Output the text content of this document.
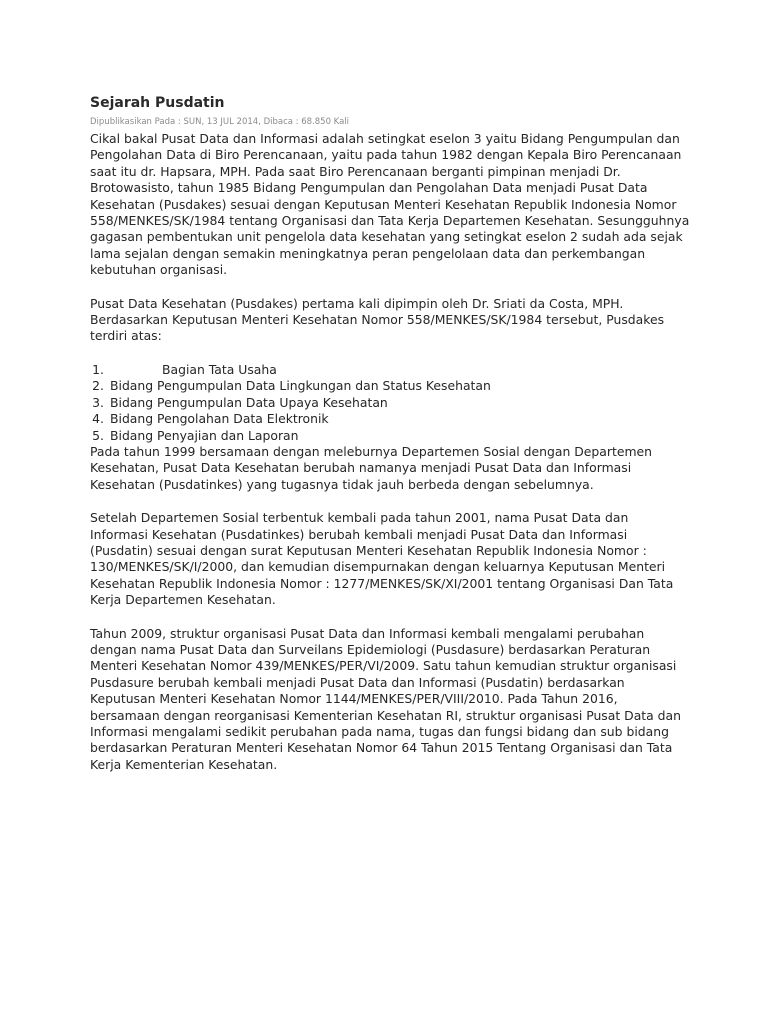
Sejarah Pusdatin
Dipublikasikan Pada : SUN, 13 JUL 2014, Dibaca : 68.850 Kali

Cikal bakal Pusat Data dan Informasi adalah setingkat eselon 3 yaitu Bidang Pengumpulan dan Pengolahan Data di Biro Perencanaan, yaitu pada tahun 1982 dengan Kepala Biro Perencanaan saat itu dr. Hapsara, MPH. Pada saat Biro Perencanaan berganti pimpinan menjadi Dr. Brotowasisto, tahun 1985 Bidang Pengumpulan dan Pengolahan Data menjadi Pusat Data Kesehatan (Pusdakes) sesuai dengan Keputusan Menteri Kesehatan Republik Indonesia Nomor 558/MENKES/SK/1984 tentang Organisasi dan Tata Kerja Departemen Kesehatan. Sesungguhnya gagasan pembentukan unit pengelola data kesehatan yang setingkat eselon 2 sudah ada sejak lama sejalan dengan semakin meningkatnya peran pengelolaan data dan perkembangan kebutuhan organisasi.

Pusat Data Kesehatan (Pusdakes) pertama kali dipimpin oleh Dr. Sriati da Costa, MPH. Berdasarkan Keputusan Menteri Kesehatan Nomor 558/MENKES/SK/1984 tersebut, Pusdakes terdiri atas:

1.	Bagian Tata Usaha
2. Bidang Pengumpulan Data Lingkungan dan Status Kesehatan
3. Bidang Pengumpulan Data Upaya Kesehatan
4. Bidang Pengolahan Data Elektronik
5. Bidang Penyajian dan Laporan

Pada tahun 1999 bersamaan dengan meleburnya Departemen Sosial dengan Departemen Kesehatan, Pusat Data Kesehatan berubah namanya menjadi Pusat Data dan Informasi Kesehatan (Pusdatinkes) yang tugasnya tidak jauh berbeda dengan sebelumnya.

Setelah Departemen Sosial terbentuk kembali pada tahun 2001, nama Pusat Data dan Informasi Kesehatan (Pusdatinkes) berubah kembali menjadi Pusat Data dan Informasi (Pusdatin) sesuai dengan surat Keputusan Menteri Kesehatan Republik Indonesia Nomor : 130/MENKES/SK/I/2000, dan kemudian disempurnakan dengan keluarnya Keputusan Menteri Kesehatan Republik Indonesia Nomor : 1277/MENKES/SK/XI/2001 tentang Organisasi Dan Tata Kerja Departemen Kesehatan.

Tahun 2009, struktur organisasi Pusat Data dan Informasi kembali mengalami perubahan dengan nama Pusat Data dan Surveilans Epidemiologi (Pusdasure) berdasarkan Peraturan Menteri Kesehatan Nomor 439/MENKES/PER/VI/2009. Satu tahun kemudian struktur organisasi Pusdasure berubah kembali menjadi Pusat Data dan Informasi (Pusdatin) berdasarkan Keputusan Menteri Kesehatan Nomor 1144/MENKES/PER/VIII/2010. Pada Tahun 2016, bersamaan dengan reorganisasi Kementerian Kesehatan RI, struktur organisasi Pusat Data dan Informasi mengalami sedikit perubahan pada nama, tugas dan fungsi bidang dan sub bidang berdasarkan Peraturan Menteri Kesehatan Nomor 64 Tahun 2015 Tentang Organisasi dan Tata Kerja Kementerian Kesehatan.
